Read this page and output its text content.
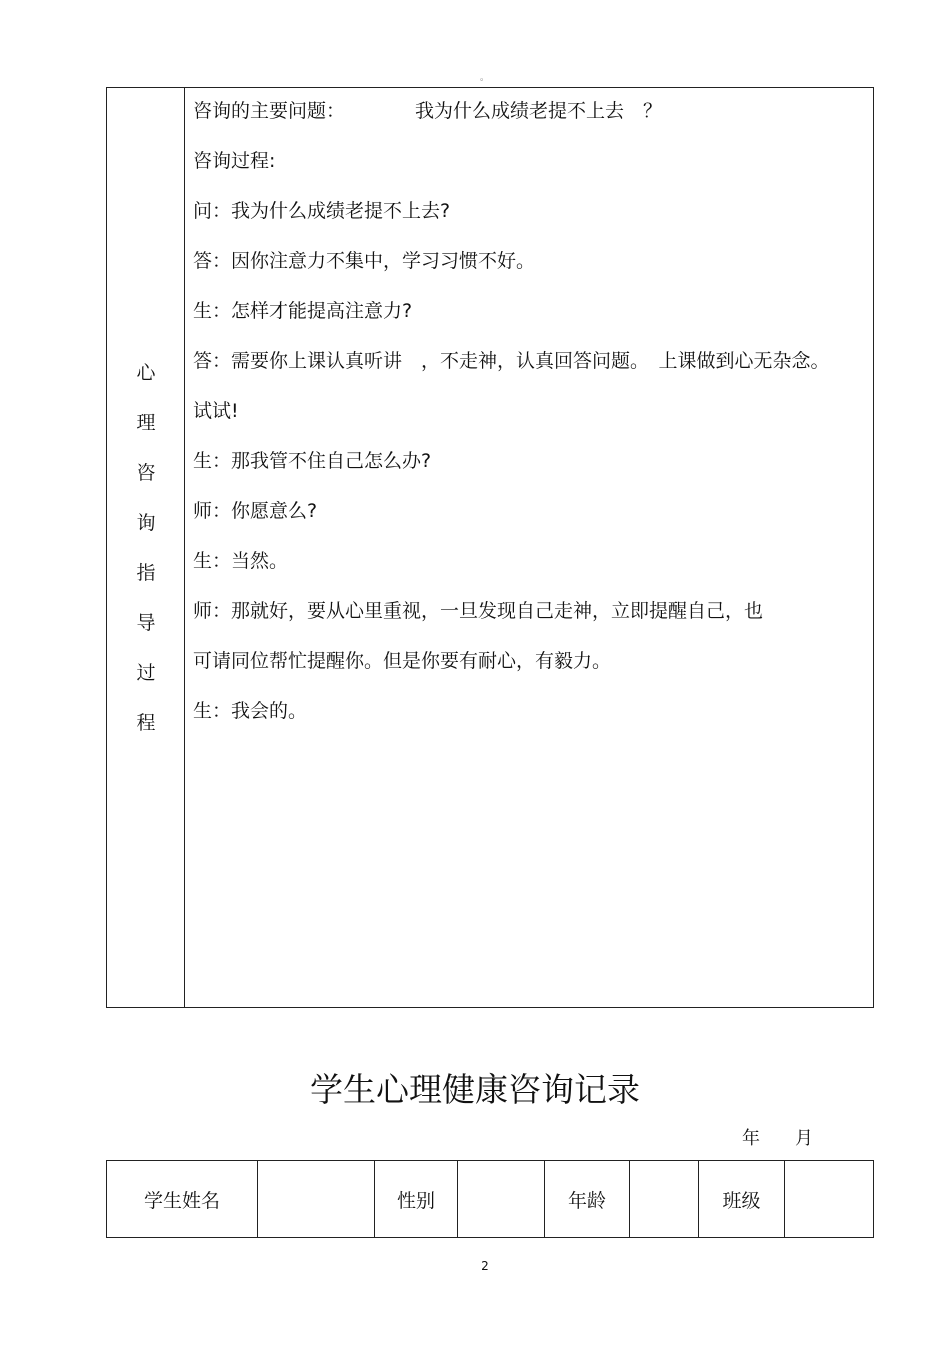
。
心
理
咨
询
指
导
过
程
咨询的主要问题：	我为什么成绩老提不上去　？
咨询过程:
问：我为什么成绩老提不上去?
答：因你注意力不集中，学习习惯不好。
生：怎样才能提高注意力?
答：需要你上课认真听讲　，不走神，认真回答问题。　上课做到心无杂念。
试试!
生：那我管不住自己怎么办?
师：你愿意么?
生：当然。
师：那就好，要从心里重视，一旦发现自己走神，立即提醒自己，也
可请同位帮忙提醒你。但是你要有耐心，有毅力。
生：我会的。
学生心理健康咨询记录
年 月
学生姓名	性别	年龄	班级
2
